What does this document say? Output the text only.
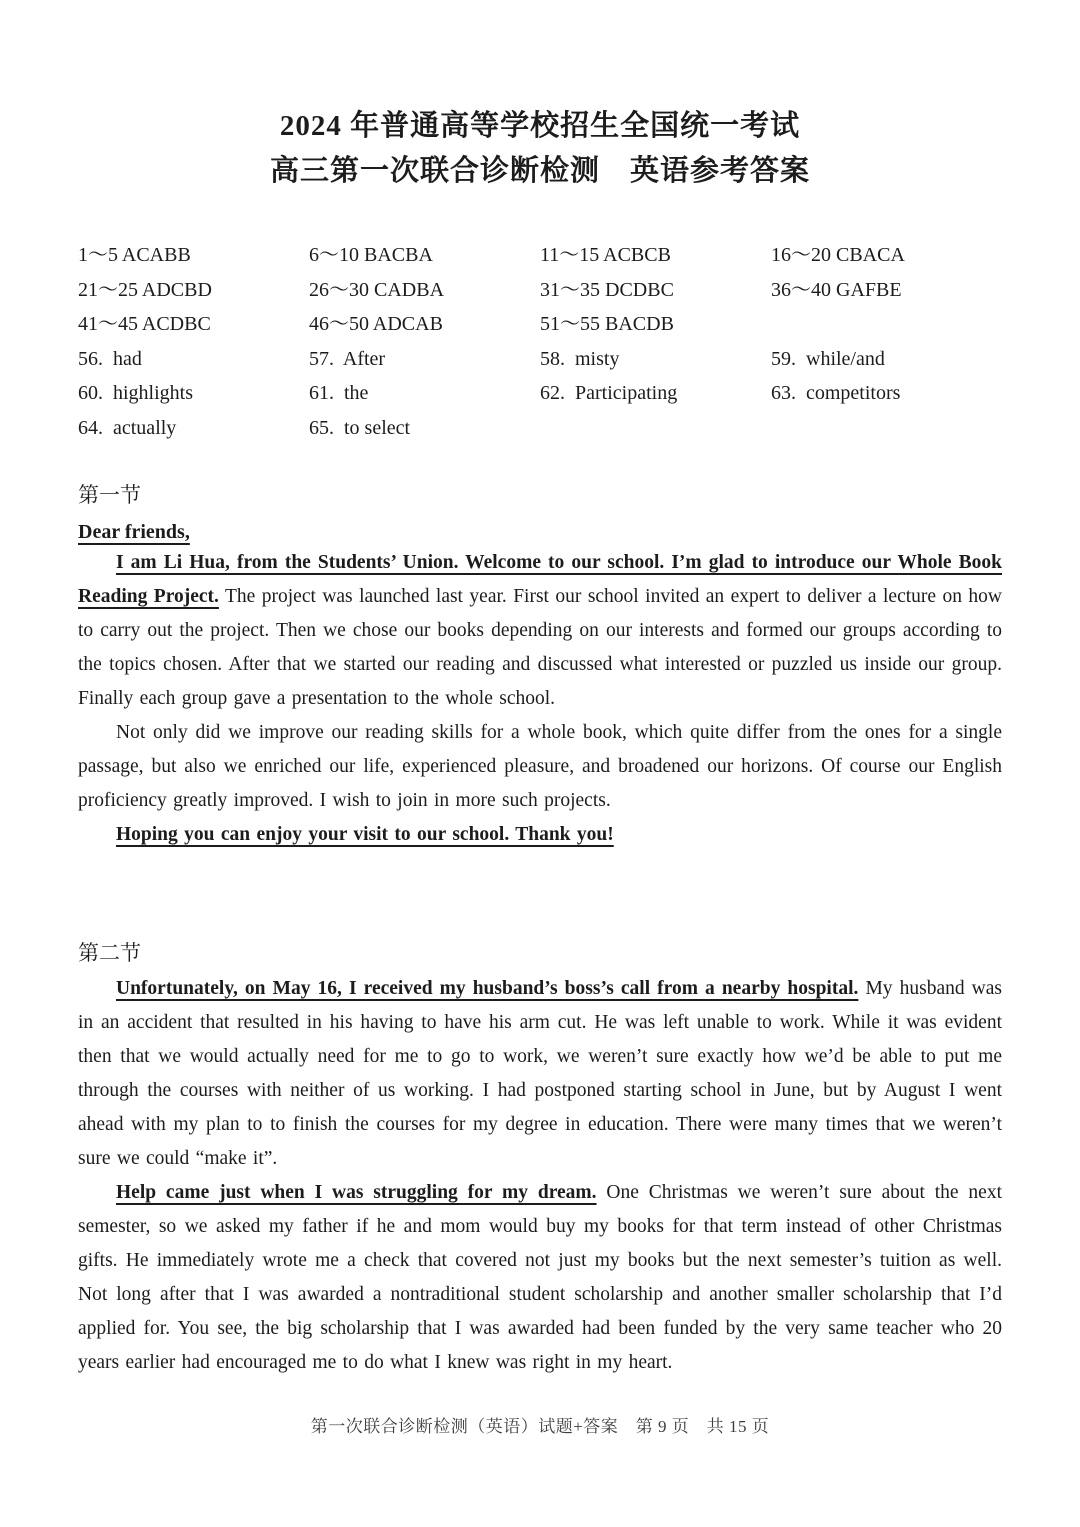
2024 年普通高等学校招生全国统一考试
高三第一次联合诊断检测　英语参考答案
1～5 ACABB	6～10 BACBA	11～15 ACBCB	16～20 CBACA
21～25 ADCBD	26～30 CADBA	31～35 DCDBC	36～40 GAFBE
41～45 ACDBC	46～50 ADCAB	51～55 BACDB
56.  had	57.  After	58.  misty	59.  while/and
60.  highlights	61.  the	62.  Participating	63.  competitors
64.  actually	65.  to select
第一节
Dear friends,

I am Li Hua, from the Students’ Union. Welcome to our school. I’m glad to introduce our Whole Book Reading Project. The project was launched last year. First our school invited an expert to deliver a lecture on how to carry out the project. Then we chose our books depending on our interests and formed our groups according to the topics chosen. After that we started our reading and discussed what interested or puzzled us inside our group. Finally each group gave a presentation to the whole school.

Not only did we improve our reading skills for a whole book, which quite differ from the ones for a single passage, but also we enriched our life, experienced pleasure, and broadened our horizons. Of course our English proficiency greatly improved. I wish to join in more such projects.

Hoping you can enjoy your visit to our school. Thank you!

第二节

Unfortunately, on May 16, I received my husband’s boss’s call from a nearby hospital. My husband was in an accident that resulted in his having to have his arm cut. He was left unable to work. While it was evident then that we would actually need for me to go to work, we weren’t sure exactly how we’d be able to put me through the courses with neither of us working. I had postponed starting school in June, but by August I went ahead with my plan to to finish the courses for my degree in education. There were many times that we weren’t sure we could “make it”.

Help came just when I was struggling for my dream. One Christmas we weren’t sure about the next semester, so we asked my father if he and mom would buy my books for that term instead of other Christmas gifts. He immediately wrote me a check that covered not just my books but the next semester’s tuition as well. Not long after that I was awarded a nontraditional student scholarship and another smaller scholarship that I’d applied for. You see, the big scholarship that I was awarded had been funded by the very same teacher who 20 years earlier had encouraged me to do what I knew was right in my heart.

第一次联合诊断检测（英语）试题+答案　第 9 页　共 15 页
